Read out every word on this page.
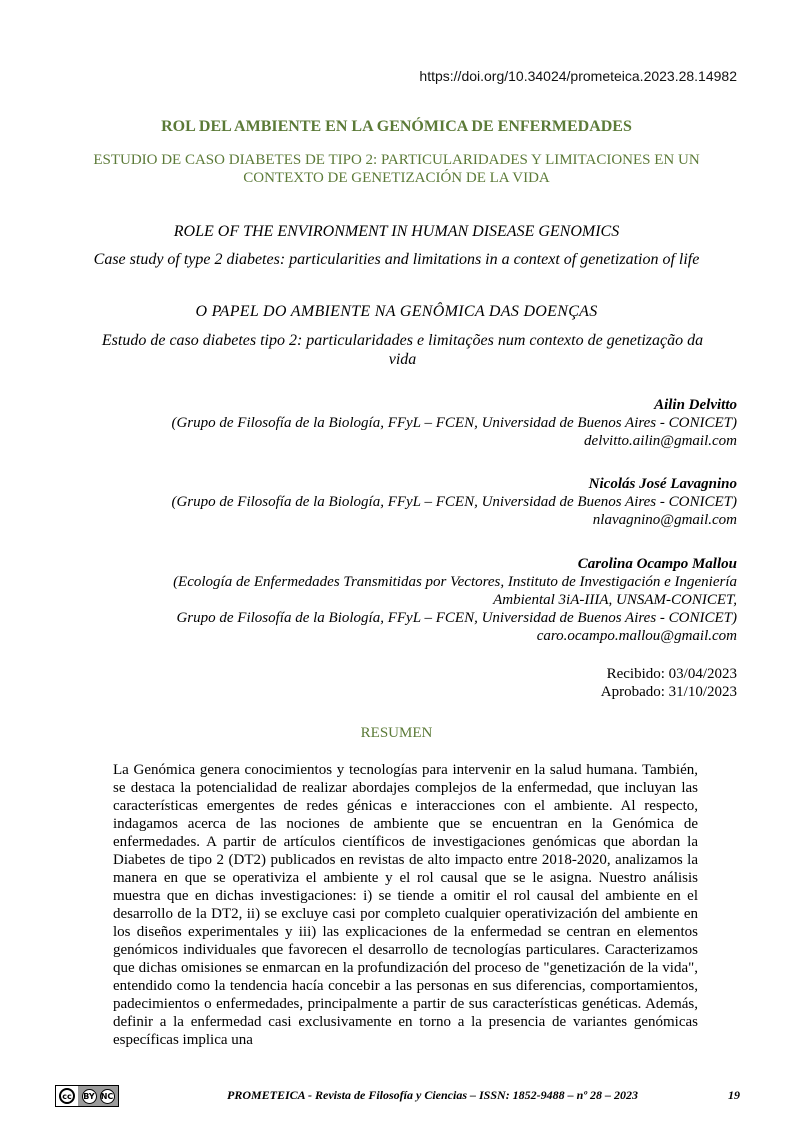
https://doi.org/10.34024/prometeica.2023.28.14982
ROL DEL AMBIENTE EN LA GENÓMICA DE ENFERMEDADES
ESTUDIO DE CASO DIABETES DE TIPO 2: PARTICULARIDADES Y LIMITACIONES EN UN
CONTEXTO DE GENETIZACIÓN DE LA VIDA
ROLE OF THE ENVIRONMENT IN HUMAN DISEASE GENOMICS
Case study of type 2 diabetes: particularities and limitations in a context of genetization of life
O PAPEL DO AMBIENTE NA GENÔMICA DAS DOENÇAS
Estudo de caso diabetes tipo 2: particularidades e limitações num contexto de genetização da
vida
Ailin Delvitto
(Grupo de Filosofía de la Biología, FFyL – FCEN, Universidad de Buenos Aires - CONICET)
delvitto.ailin@gmail.com
Nicolás José Lavagnino
(Grupo de Filosofía de la Biología, FFyL – FCEN, Universidad de Buenos Aires - CONICET)
nlavagnino@gmail.com
Carolina Ocampo Mallou
(Ecología de Enfermedades Transmitidas por Vectores, Instituto de Investigación e Ingeniería
Ambiental 3iA-IIIA, UNSAM-CONICET,
Grupo de Filosofía de la Biología, FFyL – FCEN, Universidad de Buenos Aires - CONICET)
caro.ocampo.mallou@gmail.com
Recibido: 03/04/2023
Aprobado: 31/10/2023
RESUMEN
La Genómica genera conocimientos y tecnologías para intervenir en la salud humana. También, se destaca la potencialidad de realizar abordajes complejos de la enfermedad, que incluyan las características emergentes de redes génicas e interacciones con el ambiente. Al respecto, indagamos acerca de las nociones de ambiente que se encuentran en la Genómica de enfermedades. A partir de artículos científicos de investigaciones genómicas que abordan la Diabetes de tipo 2 (DT2) publicados en revistas de alto impacto entre 2018-2020, analizamos la manera en que se operativiza el ambiente y el rol causal que se le asigna. Nuestro análisis muestra que en dichas investigaciones: i) se tiende a omitir el rol causal del ambiente en el desarrollo de la DT2, ii) se excluye casi por completo cualquier operativización del ambiente en los diseños experimentales y iii) las explicaciones de la enfermedad se centran en elementos genómicos individuales que favorecen el desarrollo de tecnologías particulares. Caracterizamos que dichas omisiones se enmarcan en la profundización del proceso de "genetización de la vida", entendido como la tendencia hacía concebir a las personas en sus diferencias, comportamientos, padecimientos o enfermedades, principalmente a partir de sus características genéticas. Además, definir a la enfermedad casi exclusivamente en torno a la presencia de variantes genómicas específicas implica una
cc	BY NC	PROMETEICA - Revista de Filosofía y Ciencias – ISSN: 1852-9488 – nº 28 – 2023	19
